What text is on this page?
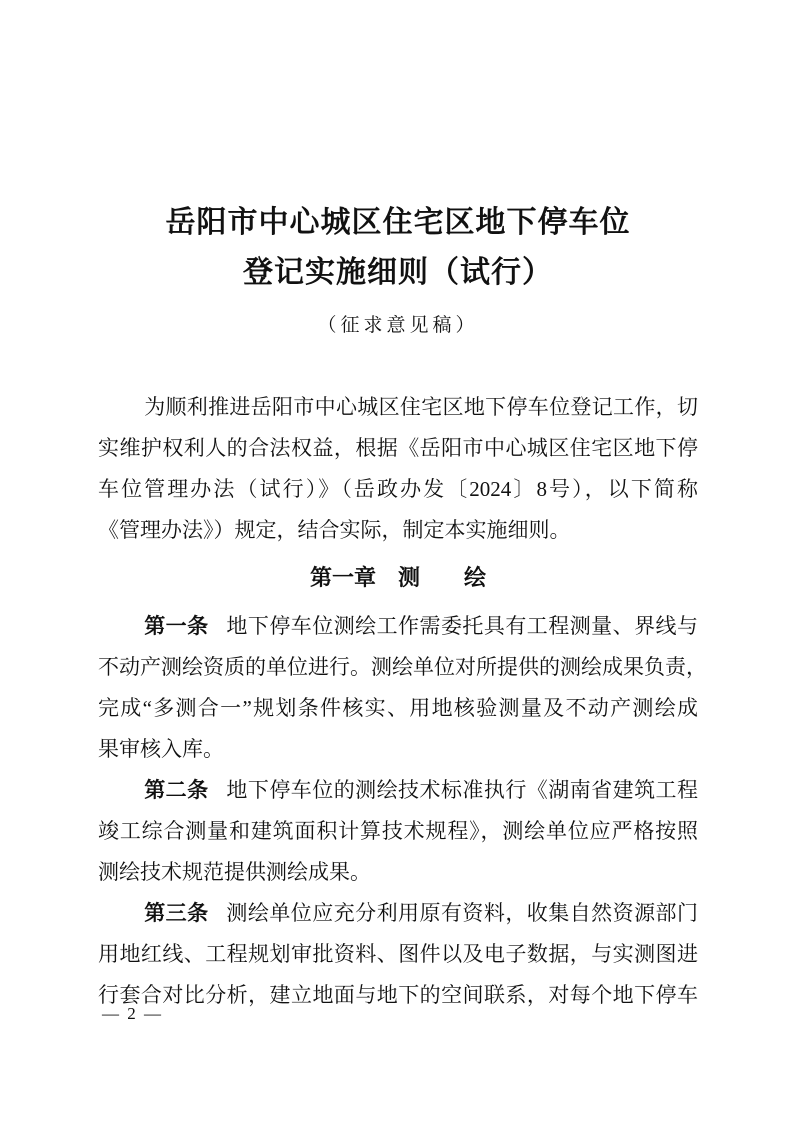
岳阳市中心城区住宅区地下停车位
登记实施细则（试行）
（征求意见稿）
为顺利推进岳阳市中心城区住宅区地下停车位登记工作，切
实维护权利人的合法权益，根据《岳阳市中心城区住宅区地下停
车位管理办法（试行）》（岳政办发〔2024〕8号），以下简称
《管理办法》）规定，结合实际，制定本实施细则。
第一章　测　　绘
第一条 地下停车位测绘工作需委托具有工程测量、界线与
不动产测绘资质的单位进行。测绘单位对所提供的测绘成果负责，
完成“多测合一”规划条件核实、用地核验测量及不动产测绘成
果审核入库。
第二条 地下停车位的测绘技术标准执行《湖南省建筑工程
竣工综合测量和建筑面积计算技术规程》，测绘单位应严格按照
测绘技术规范提供测绘成果。
第三条 测绘单位应充分利用原有资料，收集自然资源部门
用地红线、工程规划审批资料、图件以及电子数据，与实测图进
行套合对比分析，建立地面与地下的空间联系，对每个地下停车
— 2 —
